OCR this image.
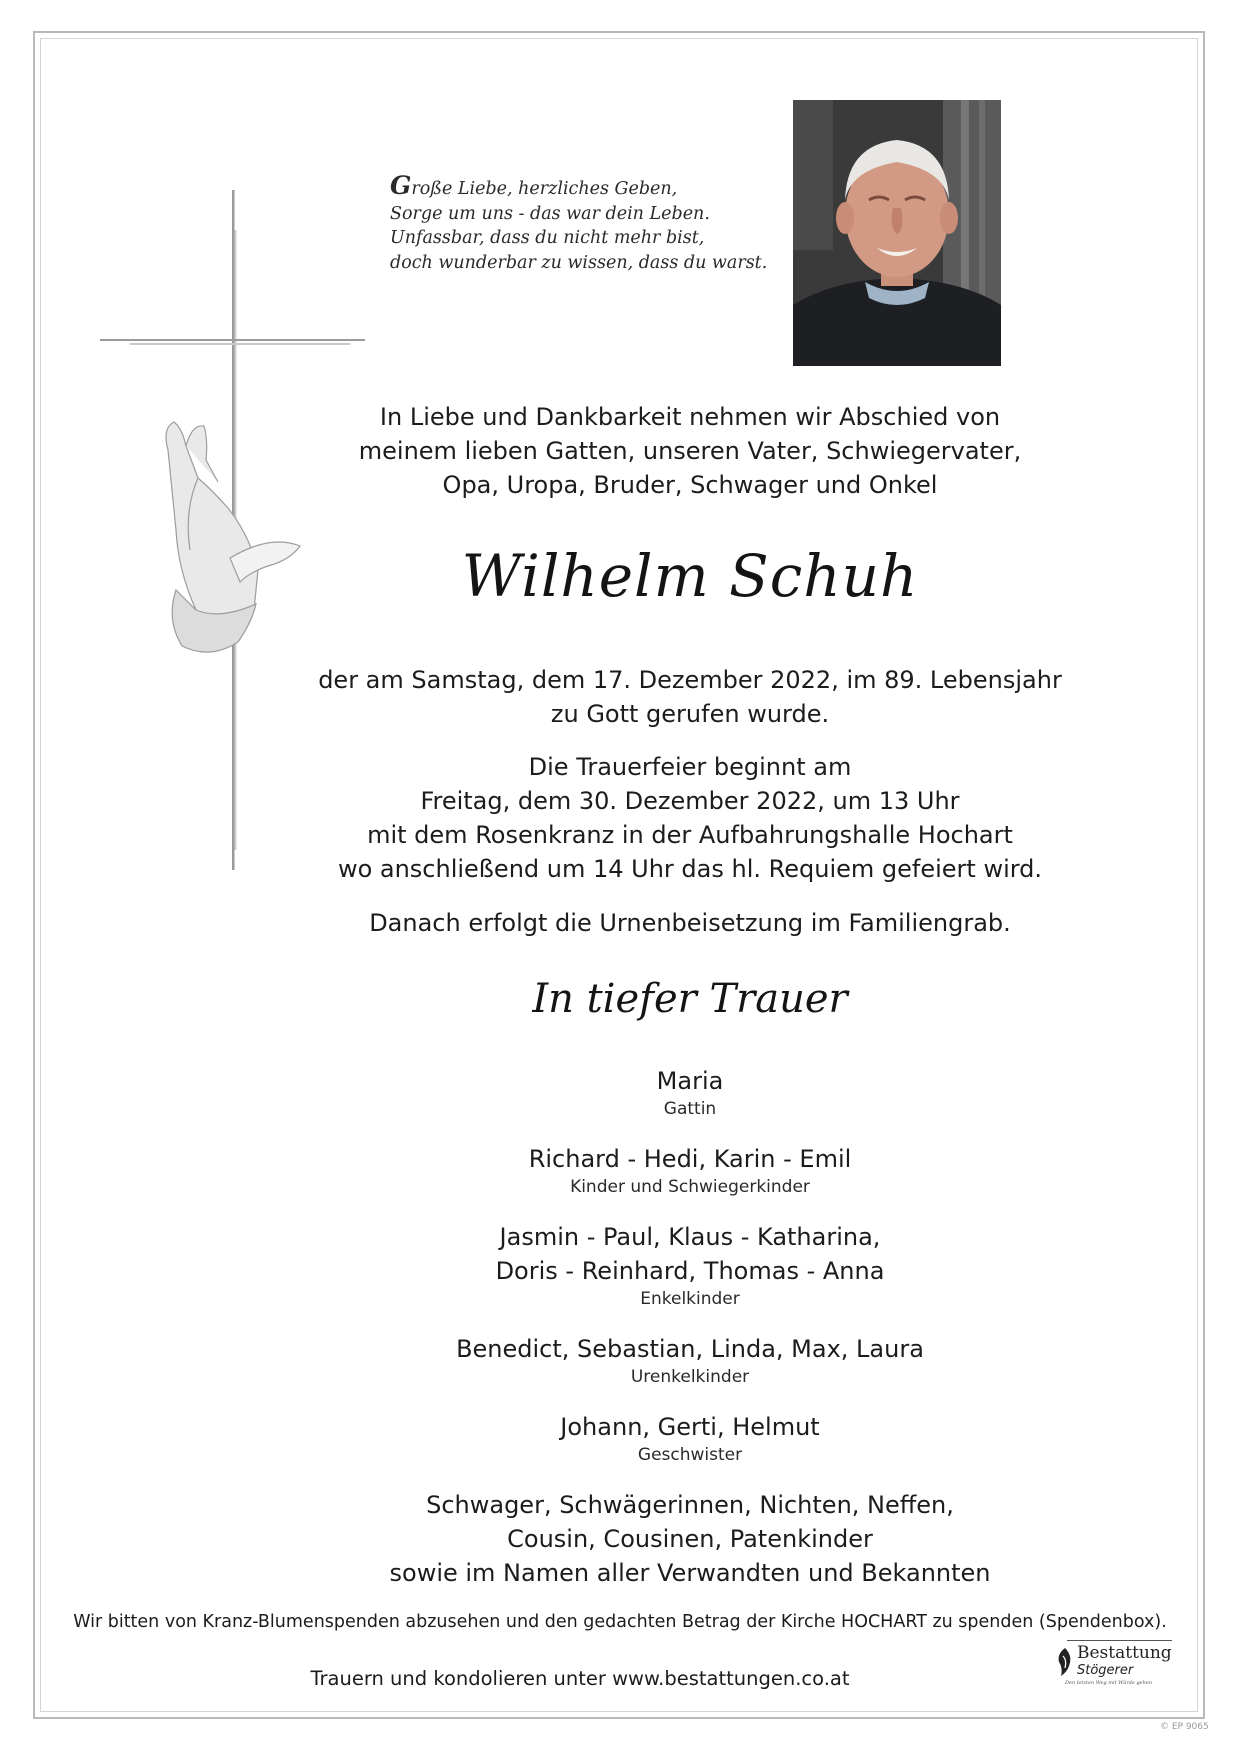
Große Liebe, herzliches Geben,
Sorge um uns - das war dein Leben.
Unfassbar, dass du nicht mehr bist,
doch wunderbar zu wissen, dass du warst.
In Liebe und Dankbarkeit nehmen wir Abschied von
meinem lieben Gatten, unseren Vater, Schwiegervater,
Opa, Uropa, Bruder, Schwager und Onkel
Wilhelm Schuh
der am Samstag, dem 17. Dezember 2022, im 89. Lebensjahr
zu Gott gerufen wurde.
Die Trauerfeier beginnt am
Freitag, dem 30. Dezember 2022, um 13 Uhr
mit dem Rosenkranz in der Aufbahrungshalle Hochart
wo anschließend um 14 Uhr das hl. Requiem gefeiert wird.
Danach erfolgt die Urnenbeisetzung im Familiengrab.
In tiefer Trauer
Maria
Gattin
Richard - Hedi, Karin - Emil
Kinder und Schwiegerkinder
Jasmin - Paul, Klaus - Katharina,
Doris - Reinhard, Thomas - Anna
Enkelkinder
Benedict, Sebastian, Linda, Max, Laura
Urenkelkinder
Johann, Gerti, Helmut
Geschwister
Schwager, Schwägerinnen, Nichten, Neffen,
Cousin, Cousinen, Patenkinder
sowie im Namen aller Verwandten und Bekannten
Wir bitten von Kranz-Blumenspenden abzusehen und den gedachten Betrag der Kirche HOCHART zu spenden (Spendenbox).
Trauern und kondolieren unter www.bestattungen.co.at
Bestattung
Stögerer
Den letzten Weg mit Würde gehen
© EP 9065
